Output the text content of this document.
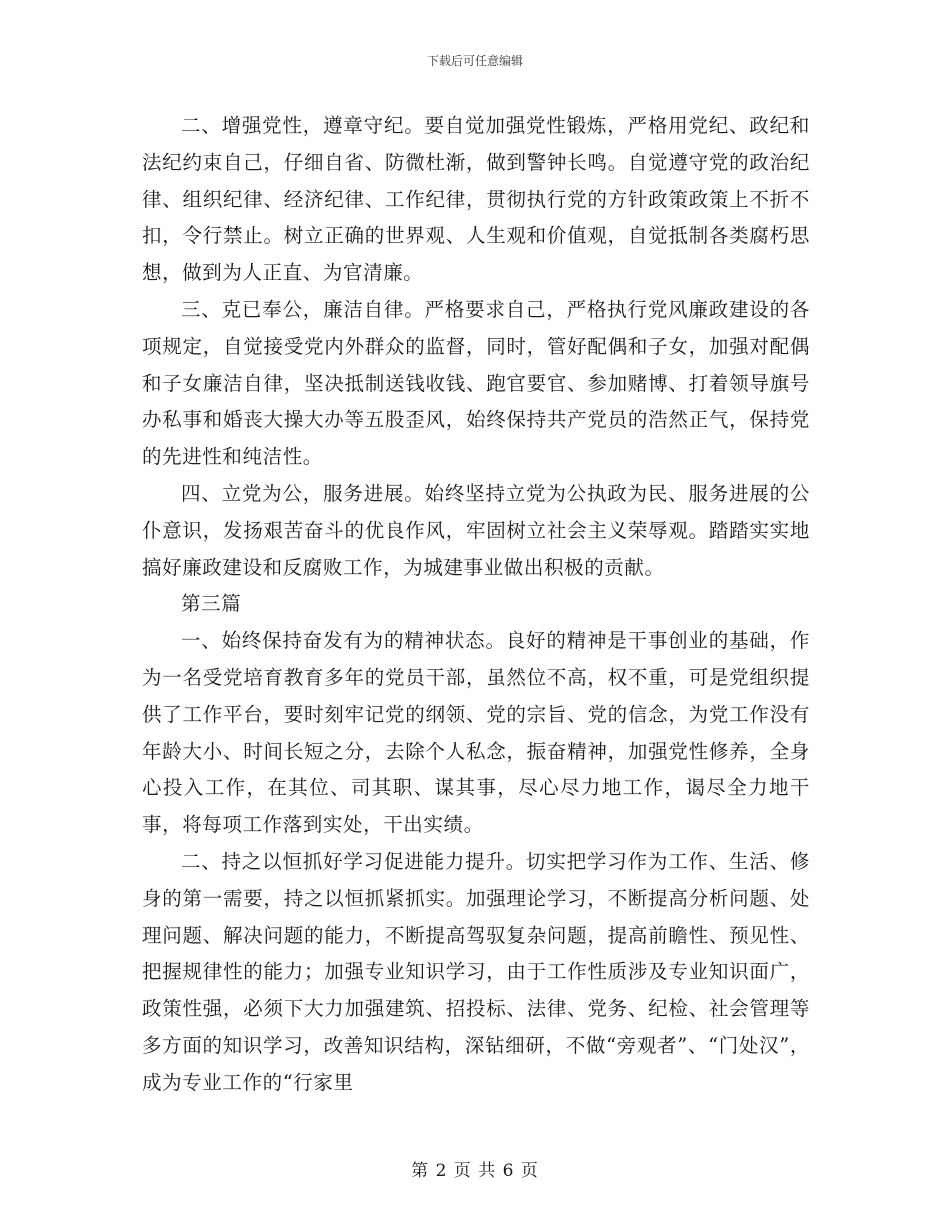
下载后可任意编辑

二、增强党性，遵章守纪。要自觉加强党性锻炼，严格用党纪、政纪和法纪约束自己，仔细自省、防微杜渐，做到警钟长鸣。自觉遵守党的政治纪律、组织纪律、经济纪律、工作纪律，贯彻执行党的方针政策政策上不折不扣，令行禁止。树立正确的世界观、人生观和价值观，自觉抵制各类腐朽思想，做到为人正直、为官清廉。

三、克已奉公，廉洁自律。严格要求自己，严格执行党风廉政建设的各项规定，自觉接受党内外群众的监督，同时，管好配偶和子女，加强对配偶和子女廉洁自律，坚决抵制送钱收钱、跑官要官、参加赌博、打着领导旗号办私事和婚丧大操大办等五股歪风，始终保持共产党员的浩然正气，保持党的先进性和纯洁性。

四、立党为公，服务进展。始终坚持立党为公执政为民、服务进展的公仆意识，发扬艰苦奋斗的优良作风，牢固树立社会主义荣辱观。踏踏实实地搞好廉政建设和反腐败工作，为城建事业做出积极的贡献。

第三篇

一、始终保持奋发有为的精神状态。良好的精神是干事创业的基础，作为一名受党培育教育多年的党员干部，虽然位不高，权不重，可是党组织提供了工作平台，要时刻牢记党的纲领、党的宗旨、党的信念，为党工作没有年龄大小、时间长短之分，去除个人私念，振奋精神，加强党性修养，全身心投入工作，在其位、司其职、谋其事，尽心尽力地工作，谒尽全力地干事，将每项工作落到实处，干出实绩。

二、持之以恒抓好学习促进能力提升。切实把学习作为工作、生活、修身的第一需要，持之以恒抓紧抓实。加强理论学习，不断提高分析问题、处理问题、解决问题的能力，不断提高驾驭复杂问题，提高前瞻性、预见性、把握规律性的能力；加强专业知识学习，由于工作性质涉及专业知识面广，政策性强，必须下大力加强建筑、招投标、法律、党务、纪检、社会管理等多方面的知识学习，改善知识结构，深钻细研，不做“旁观者”、“门处汉”，成为专业工作的“行家里

第 2 页 共 6 页
